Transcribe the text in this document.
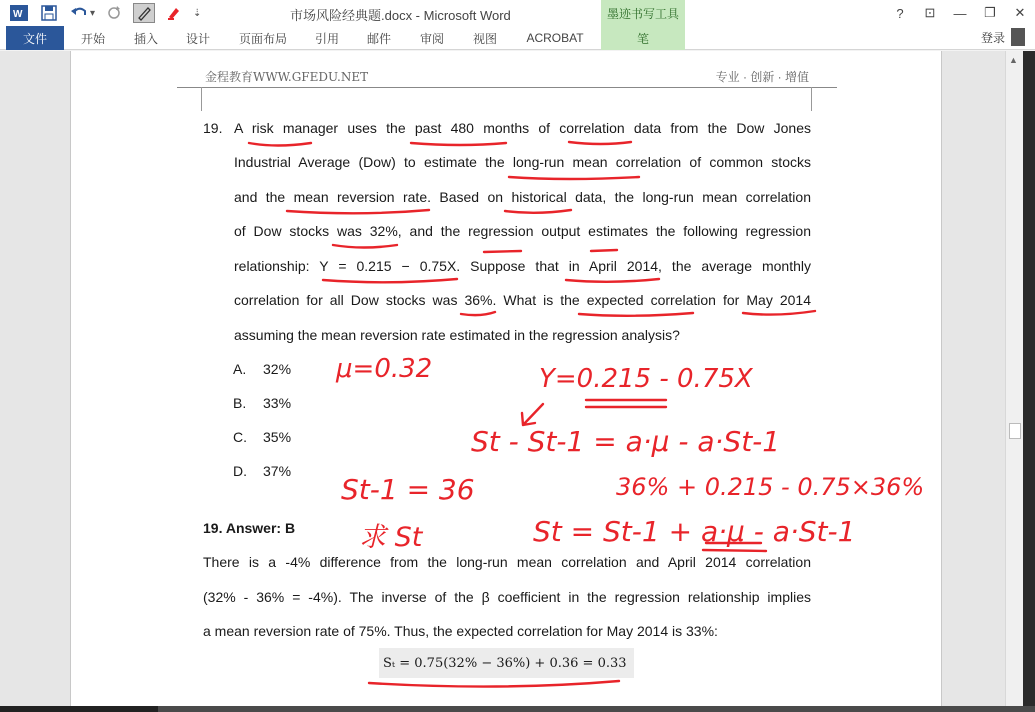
W	▾	⇣	市场风险经典题.docx - Microsoft Word	墨迹书写工具	?	⊡	—	❐	✕
文件	开始 插入 设计 页面布局 引用 邮件 审阅 视图	ACROBAT	笔	登录
金程教育WWW.GFEDU.NET	专业 · 创新 · 增值
19. A risk manager uses the past 480 months of correlation data from the Dow Jones
Industrial Average (Dow) to estimate the long-run mean correlation of common stocks
and the mean reversion rate. Based on historical data, the long-run mean correlation
of Dow stocks was 32%, and the regression output estimates the following regression
relationship: Y = 0.215 − 0.75X. Suppose that in April 2014, the average monthly
correlation for all Dow stocks was 36%. What is the expected correlation for May 2014
assuming the mean reversion rate estimated in the regression analysis?
A. 32%
B. 33%
C. 35%
D. 37%
19. Answer: B
There is a -4% difference from the long-run mean correlation and April 2014 correlation
(32% - 36% = -4%). The inverse of the β coefficient in the regression relationship implies
a mean reversion rate of 75%. Thus, the expected correlation for May 2014 is 33%:
Sₜ = 0.75(32% − 36%) + 0.36 = 0.33
μ=0.32	Y=0.215 - 0.75X
St - St-1 = a·μ - a·St-1
St-1 = 36	36% + 0.215 - 0.75×36%
求 St	St = St-1 + a·μ - a·St-1
▲
